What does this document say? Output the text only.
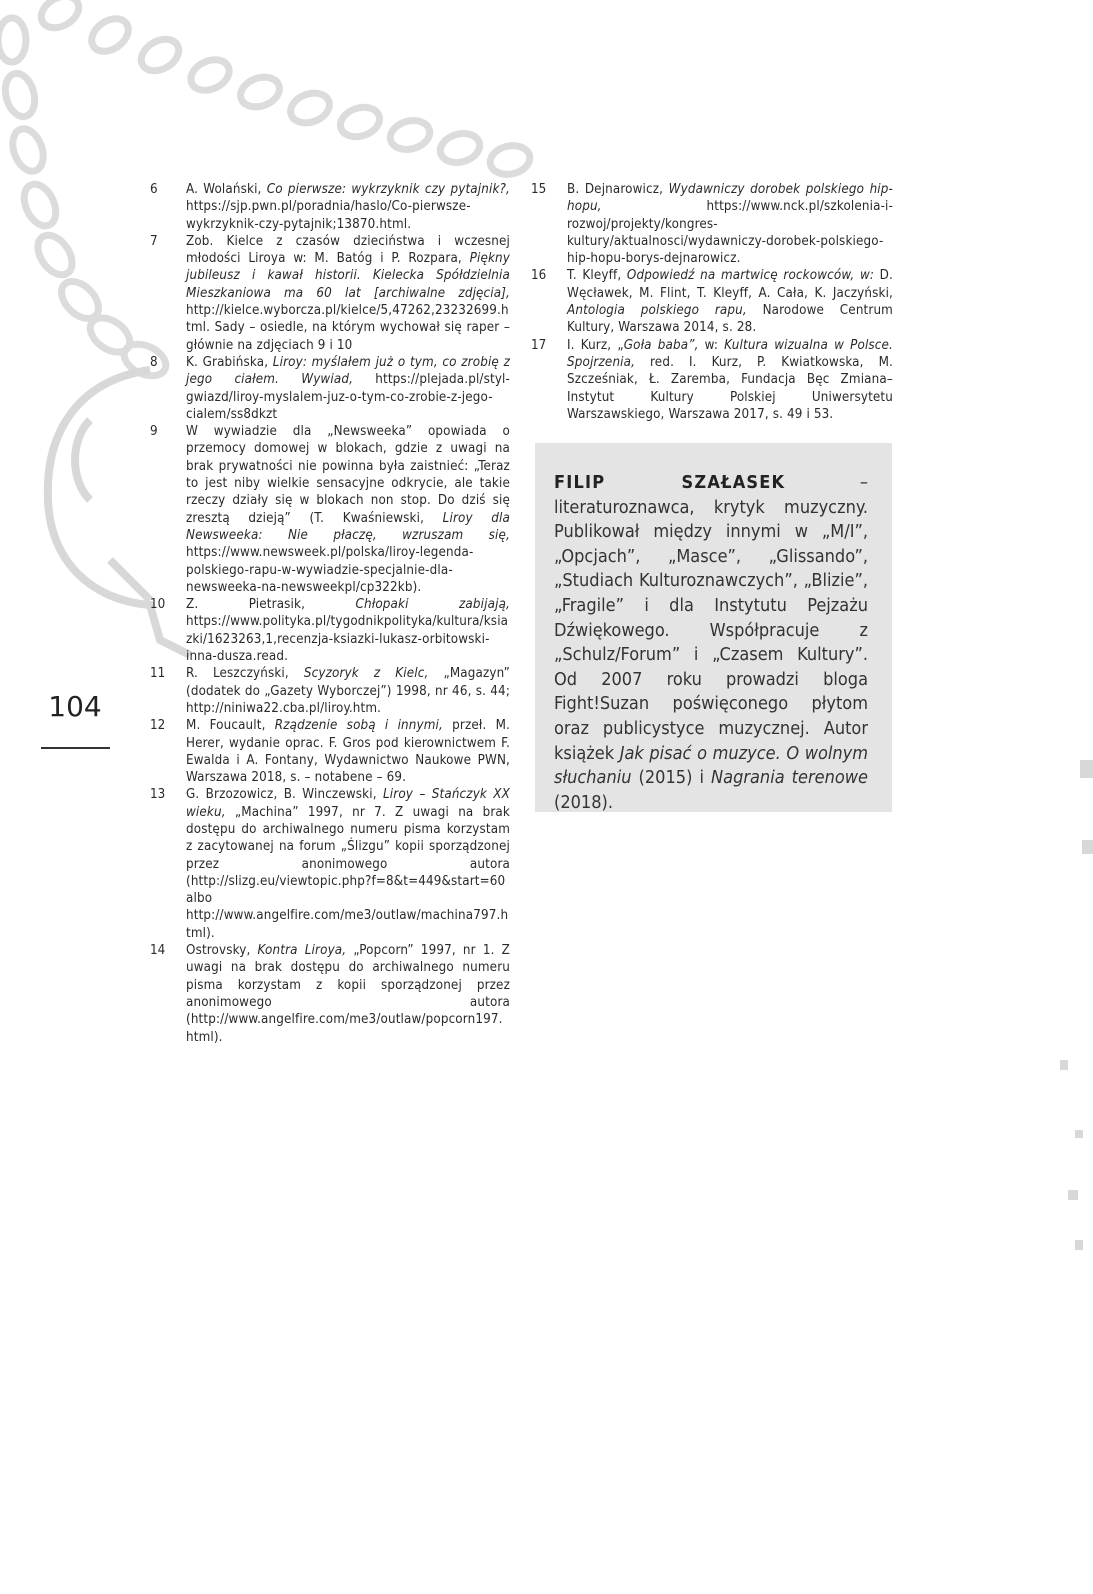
104
6	A. Wolański, Co pierwsze: wykrzyknik czy pytajnik?, https://sjp.pwn.pl/poradnia/haslo/Co-pierwsze-wykrzyknik-czy-pytajnik;13870.html.
7	Zob. Kielce z czasów dzieciństwa i wczesnej młodości Liroya w: M. Batóg i P. Rozpara, Piękny jubileusz i kawał historii. Kielecka Spółdzielnia Mieszkaniowa ma 60 lat [archiwalne zdjęcia], http://kielce.wyborcza.pl/kielce/5,47262,23232699.html. Sady – osiedle, na którym wychował się raper – głównie na zdjęciach 9 i 10
8	K. Grabińska, Liroy: myślałem już o tym, co zrobię z jego ciałem. Wywiad, https://plejada.pl/styl-gwiazd/liroy-myslalem-juz-o-tym-co-zrobie-z-jego-cialem/ss8dkzt
9	W wywiadzie dla „Newsweeka” opowiada o przemocy domowej w blokach, gdzie z uwagi na brak prywatności nie powinna była zaistnieć: „Teraz to jest niby wielkie sensacyjne odkrycie, ale takie rzeczy działy się w blokach non stop. Do dziś się zresztą dzieją” (T. Kwaśniewski, Liroy dla Newsweeka: Nie płaczę, wzruszam się, https://www.newsweek.pl/polska/liroy-legenda-polskiego-rapu-w-wywiadzie-specjalnie-dla-newsweeka-na-newsweekpl/cp322kb).
10	Z. Pietrasik, Chłopaki zabijają, https://www.polityka.pl/tygodnikpolityka/kultura/ksiazki/1623263,1,recenzja-ksiazki-lukasz-orbitowski-inna-dusza.read.
11	R. Leszczyński, Scyzoryk z Kielc, „Magazyn” (dodatek do „Gazety Wyborczej”) 1998, nr 46, s. 44; http://niniwa22.cba.pl/liroy.htm.
12	M. Foucault, Rządzenie sobą i innymi, przeł. M. Herer, wydanie oprac. F. Gros pod kierownictwem F. Ewalda i A. Fontany, Wydawnictwo Naukowe PWN, Warszawa 2018, s. – notabene – 69.
13	G. Brzozowicz, B. Winczewski, Liroy – Stańczyk XX wieku, „Machina” 1997, nr 7. Z uwagi na brak dostępu do archiwalnego numeru pisma korzystam z zacytowanej na forum „Ślizgu” kopii sporządzonej przez anonimowego autora (http://slizg.eu/viewtopic.php?f=8&t=449&start=60 albo http://www.angelfire.com/me3/outlaw/machina797.html).
14	Ostrovsky, Kontra Liroya, „Popcorn” 1997, nr 1. Z uwagi na brak dostępu do archiwalnego numeru pisma korzystam z kopii sporządzonej przez anonimowego autora (http://www.angelfire.com/me3/outlaw/popcorn197.html).
15	B. Dejnarowicz, Wydawniczy dorobek polskiego hip-hopu, https://www.nck.pl/szkolenia-i-rozwoj/projekty/kongres-kultury/aktualnosci/wydawniczy-dorobek-polskiego-hip-hopu-borys-dejnarowicz.
16	T. Kleyff, Odpowiedź na martwicę rockowców, w: D. Węcławek, M. Flint, T. Kleyff, A. Cała, K. Jaczyński, Antologia polskiego rapu, Narodowe Centrum Kultury, Warszawa 2014, s. 28.
17	I. Kurz, „Goła baba”, w: Kultura wizualna w Polsce. Spojrzenia, red. I. Kurz, P. Kwiatkowska, M. Szcześniak, Ł. Zaremba, Fundacja Bęc Zmiana–Instytut Kultury Polskiej Uniwersytetu Warszawskiego, Warszawa 2017, s. 49 i 53.
FILIP SZAŁASEK	– literaturoznawca, krytyk muzyczny. Publikował między innymi w „M/I”, „Opcjach”, „Masce”, „Glissando”, „Studiach Kulturoznawczych”, „Blizie”, „Fragile” i dla Instytutu Pejzażu Dźwiękowego. Współpracuje z „Schulz/Forum” i „Czasem Kultury”. Od 2007 roku prowadzi bloga Fight!Suzan poświęconego płytom oraz publicystyce muzycznej. Autor książek Jak pisać o muzyce. O wolnym słuchaniu (2015) i Nagrania terenowe (2018).
